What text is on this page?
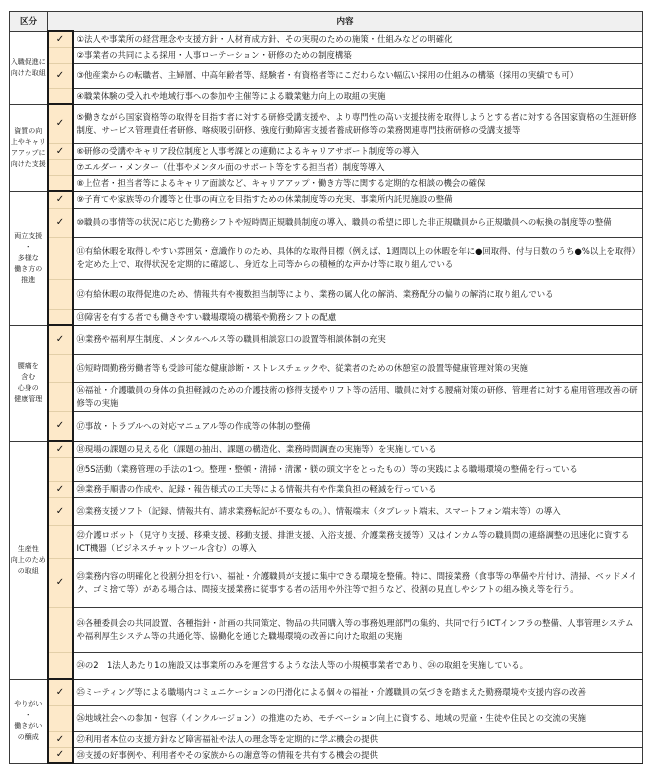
区分	内容	
入職促進に
向けた取組	✓	①法人や事業所の経営理念や支援方針・人材育成方針、その実現のための施策・仕組みなどの明確化
		②事業者の共同による採用・人事ローテーション・研修のための制度構築
	✓	③他産業からの転職者、主婦層、中高年齢者等、経験者・有資格者等にこだわらない幅広い採用の仕組みの構築（採用の実績でも可）
		④職業体験の受入れや地域行事への参加や主催等による職業魅力向上の取組の実施
資質の向
上やキャリ
アアップに
向けた支援	✓	⑤働きながら国家資格等の取得を目指す者に対する研修受講支援や、より専門性の高い支援技術を取得しようとする者に対する各国家資格の生涯研修制度、サービス管理責任者研修、喀痰吸引研修、強度行動障害支援者養成研修等の業務関連専門技術研修の受講支援等
	✓	⑥研修の受講やキャリア段位制度と人事考課との連動によるキャリアサポート制度等の導入
		⑦エルダー・メンター（仕事やメンタル面のサポート等をする担当者）制度等導入
		⑧上位者・担当者等によるキャリア面談など、キャリアアップ・働き方等に関する定期的な相談の機会の確保
両立支援
・
多様な
働き方の
推進	✓	⑨子育てや家族等の介護等と仕事の両立を目指すための休業制度等の充実、事業所内託児施設の整備
	✓	⑩職員の事情等の状況に応じた勤務シフトや短時間正規職員制度の導入、職員の希望に即した非正規職員から正規職員への転換の制度等の整備
		⑪有給休暇を取得しやすい雰囲気・意識作りのため、具体的な取得目標（例えば、1週間以上の休暇を年に●回取得、付与日数のうち●%以上を取得）を定めた上で、取得状況を定期的に確認し、身近な上司等からの積極的な声かけ等に取り組んでいる
		⑫有給休暇の取得促進のため、情報共有や複数担当制等により、業務の属人化の解消、業務配分の偏りの解消に取り組んでいる
		⑬障害を有する者でも働きやすい職場環境の構築や勤務シフトの配慮
腰痛を
含む
心身の
健康管理	✓	⑭業務や福利厚生制度、メンタルヘルス等の職員相談窓口の設置等相談体制の充実
		⑮短時間勤務労働者等も受診可能な健康診断・ストレスチェックや、従業者のための休憩室の設置等健康管理対策の実施
		⑯福祉・介護職員の身体の負担軽減のための介護技術の修得支援やリフト等の活用、職員に対する腰痛対策の研修、管理者に対する雇用管理改善の研修等の実施
	✓	⑰事故・トラブルへの対応マニュアル等の作成等の体制の整備
生産性
向上のため
の取組	✓	⑱現場の課題の見える化（課題の抽出、課題の構造化、業務時間調査の実施等）を実施している
		⑲5S活動（業務管理の手法の1つ。整理・整頓・清掃・清潔・躾の頭文字をとったもの）等の実践による職場環境の整備を行っている
	✓	⑳業務手順書の作成や、記録・報告様式の工夫等による情報共有や作業負担の軽減を行っている
	✓	㉑業務支援ソフト（記録、情報共有、請求業務転記が不要なもの。）、情報端末（タブレット端末、スマートフォン端末等）の導入
		㉒介護ロボット（見守り支援、移乗支援、移動支援、排泄支援、入浴支援、介護業務支援等）又はインカム等の職員間の連絡調整の迅速化に資するICT機器（ビジネスチャットツール含む）の導入
	✓	㉓業務内容の明確化と役割分担を行い、福祉・介護職員が支援に集中できる環境を整備。特に、間接業務（食事等の準備や片付け、清掃、ベッドメイク、ゴミ捨て等）がある場合は、間接支援業務に従事する者の活用や外注等で担うなど、役割の見直しやシフトの組み換え等を行う。
		㉔各種委員会の共同設置、各種指針・計画の共同策定、物品の共同購入等の事務処理部門の集約、共同で行うICTインフラの整備、人事管理システムや福利厚生システム等の共通化等、協働化を通じた職場環境の改善に向けた取組の実施
		㉔の2　1法人あたり1の施設又は事業所のみを運営するような法人等の小規模事業者であり、㉔の取組を実施している。
やりがい
・
働きがい
の醸成	✓	㉕ミーティング等による職場内コミュニケーションの円滑化による個々の福祉・介護職員の気づきを踏まえた勤務環境や支援内容の改善
		㉖地域社会への参加・包容（インクルージョン）の推進のため、モチベーション向上に資する、地域の児童・生徒や住民との交流の実施
	✓	㉗利用者本位の支援方針など障害福祉や法人の理念等を定期的に学ぶ機会の提供
	✓	㉘支援の好事例や、利用者やその家族からの謝意等の情報を共有する機会の提供
